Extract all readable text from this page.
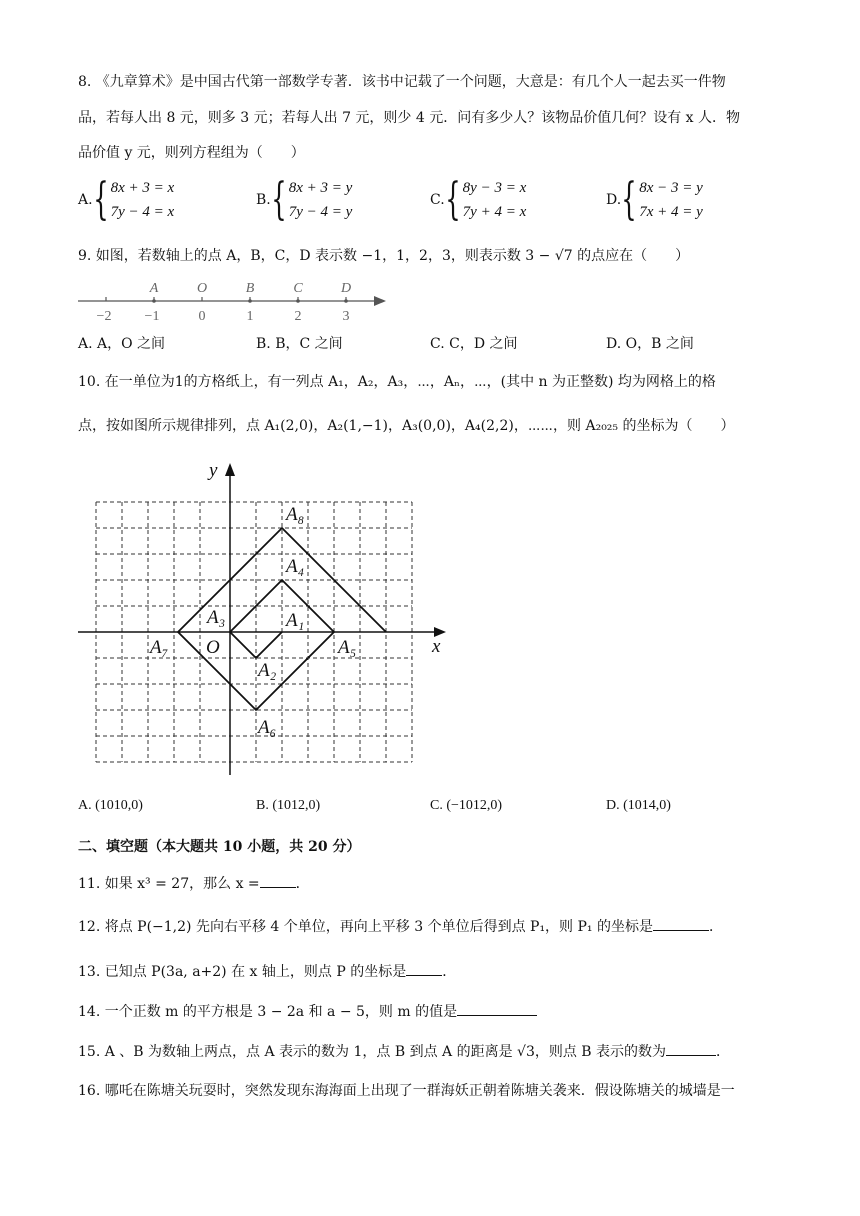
8. 《九章算术》是中国古代第一部数学专著．该书中记载了一个问题，大意是：有几个人一起去买一件物
品，若每人出 8 元，则多 3 元；若每人出 7 元，则少 4 元．问有多少人？该物品价值几何？设有 x 人．物
品价值 y 元，则列方程组为（　　）
A. { 8x + 3 = x
7y − 4 = x
B. { 8x + 3 = y
7y − 4 = y
C. { 8y − 3 = x
7y + 4 = x
D. { 8x − 3 = y
7x + 4 = y
9. 如图，若数轴上的点 A，B，C，D 表示数 −1，1，2，3，则表示数 3 − √7 的点应在（　　）
A	O	B	C	D
−2 −1	0	1	2	3
A. A，O 之间	B. B，C 之间	C. C，D 之间	D. O，B 之间
10. 在一单位为1的方格纸上，有一列点 A₁，A₂，A₃，⋯，Aₙ，⋯，(其中 n 为正整数) 均为网格上的格
点，按如图所示规律排列，点 A₁(2,0)，A₂(1,−1)，A₃(0,0)，A₄(2,2)，⋯⋯，则 A₂₀₂₅ 的坐标为（　　）
y
x
O
A₁
A₂
A₃
A₄
A₅
A₆
A₇
A₈
A. (1010,0)	B. (1012,0)	C. (−1012,0)	D. (1014,0)
二、填空题（本大题共 10 小题，共 20 分）
11. 如果 x³ = 27，那么 x =	．
12. 将点 P(−1,2) 先向右平移 4 个单位，再向上平移 3 个单位后得到点 P₁，则 P₁ 的坐标是	．
13. 已知点 P(3a, a+2) 在 x 轴上，则点 P 的坐标是	．
14. 一个正数 m 的平方根是 3 − 2a 和 a − 5，则 m 的值是
15. A 、B 为数轴上两点，点 A 表示的数为 1，点 B 到点 A 的距离是 √3，则点 B 表示的数为	．
16. 哪吒在陈塘关玩耍时，突然发现东海海面上出现了一群海妖正朝着陈塘关袭来．假设陈塘关的城墙是一
